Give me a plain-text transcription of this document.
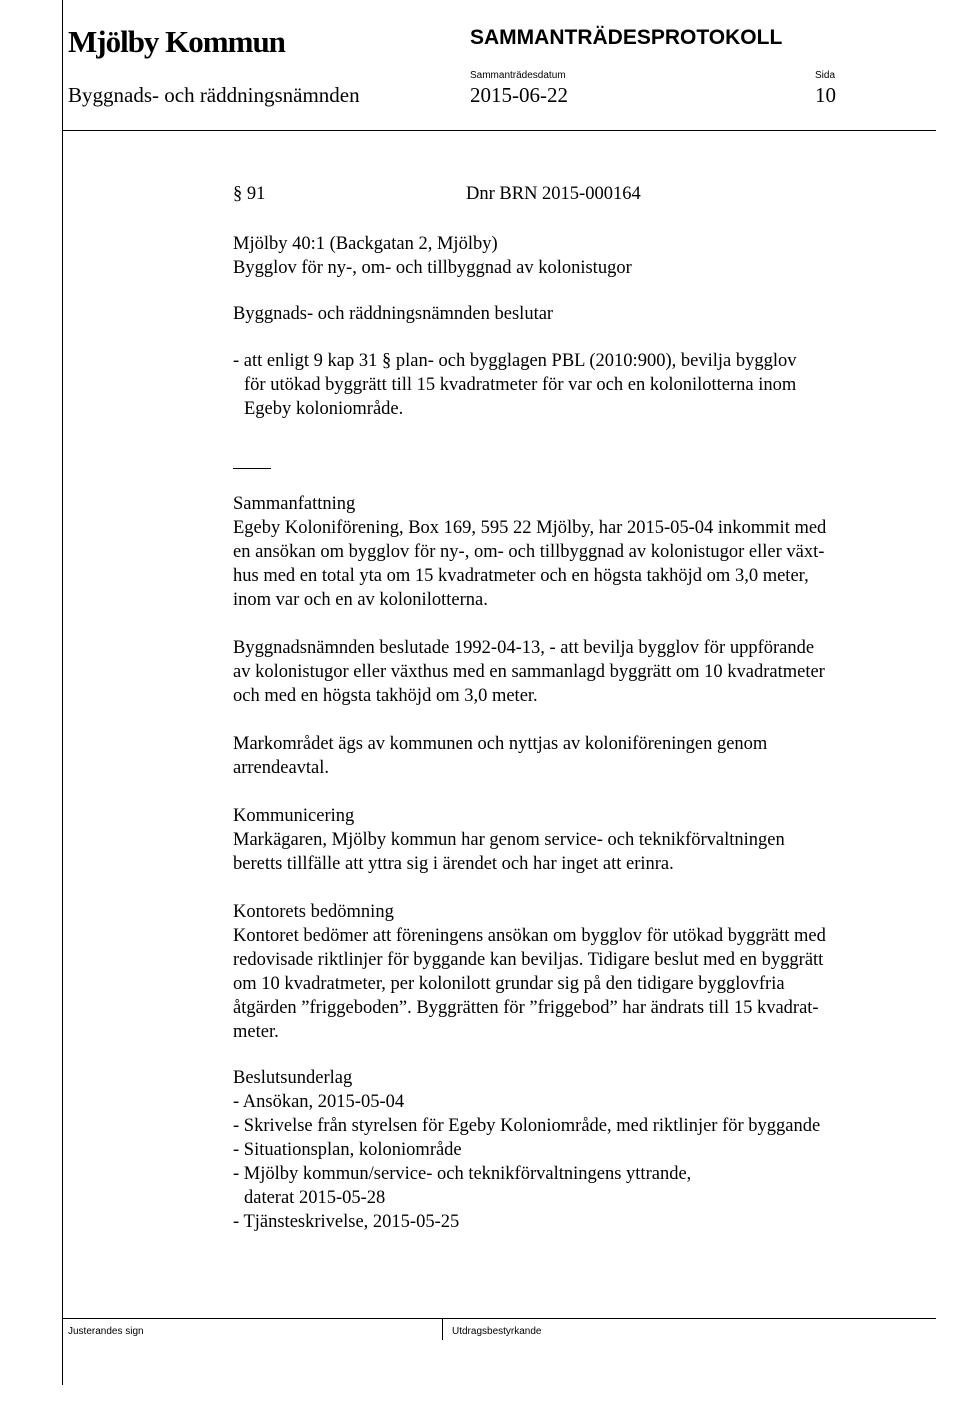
Mjölby Kommun	SAMMANTRÄDESPROTOKOLL
Sammanträdesdatum	Sida
Byggnads- och räddningsnämnden	2015-06-22	10
§ 91	Dnr BRN 2015-000164
Mjölby 40:1 (Backgatan 2, Mjölby)
Bygglov för ny-, om- och tillbyggnad av kolonistugor
Byggnads- och räddningsnämnden beslutar
- att enligt 9 kap 31 § plan- och bygglagen PBL (2010:900), bevilja bygglov
för utökad byggrätt till 15 kvadratmeter för var och en kolonilotterna inom
Egeby koloniområde.
Sammanfattning
Egeby Koloniförening, Box 169, 595 22 Mjölby, har 2015-05-04 inkommit med
en ansökan om bygglov för ny-, om- och tillbyggnad av kolonistugor eller växt-
hus med en total yta om 15 kvadratmeter och en högsta takhöjd om 3,0 meter,
inom var och en av kolonilotterna.
Byggnadsnämnden beslutade 1992-04-13, - att bevilja bygglov för uppförande
av kolonistugor eller växthus med en sammanlagd byggrätt om 10 kvadratmeter
och med en högsta takhöjd om 3,0 meter.
Markområdet ägs av kommunen och nyttjas av koloniföreningen genom
arrendeavtal.
Kommunicering
Markägaren, Mjölby kommun har genom service- och teknikförvaltningen
beretts tillfälle att yttra sig i ärendet och har inget att erinra.
Kontorets bedömning
Kontoret bedömer att föreningens ansökan om bygglov för utökad byggrätt med
redovisade riktlinjer för byggande kan beviljas. Tidigare beslut med en byggrätt
om 10 kvadratmeter, per kolonilott grundar sig på den tidigare bygglovfria
åtgärden ”friggeboden”. Byggrätten för ”friggebod” har ändrats till 15 kvadrat-
meter.
Beslutsunderlag
- Ansökan, 2015-05-04
- Skrivelse från styrelsen för Egeby Koloniområde, med riktlinjer för byggande
- Situationsplan, koloniområde
- Mjölby kommun/service- och teknikförvaltningens yttrande,
daterat 2015-05-28
- Tjänsteskrivelse, 2015-05-25
Justerandes sign	Utdragsbestyrkande
